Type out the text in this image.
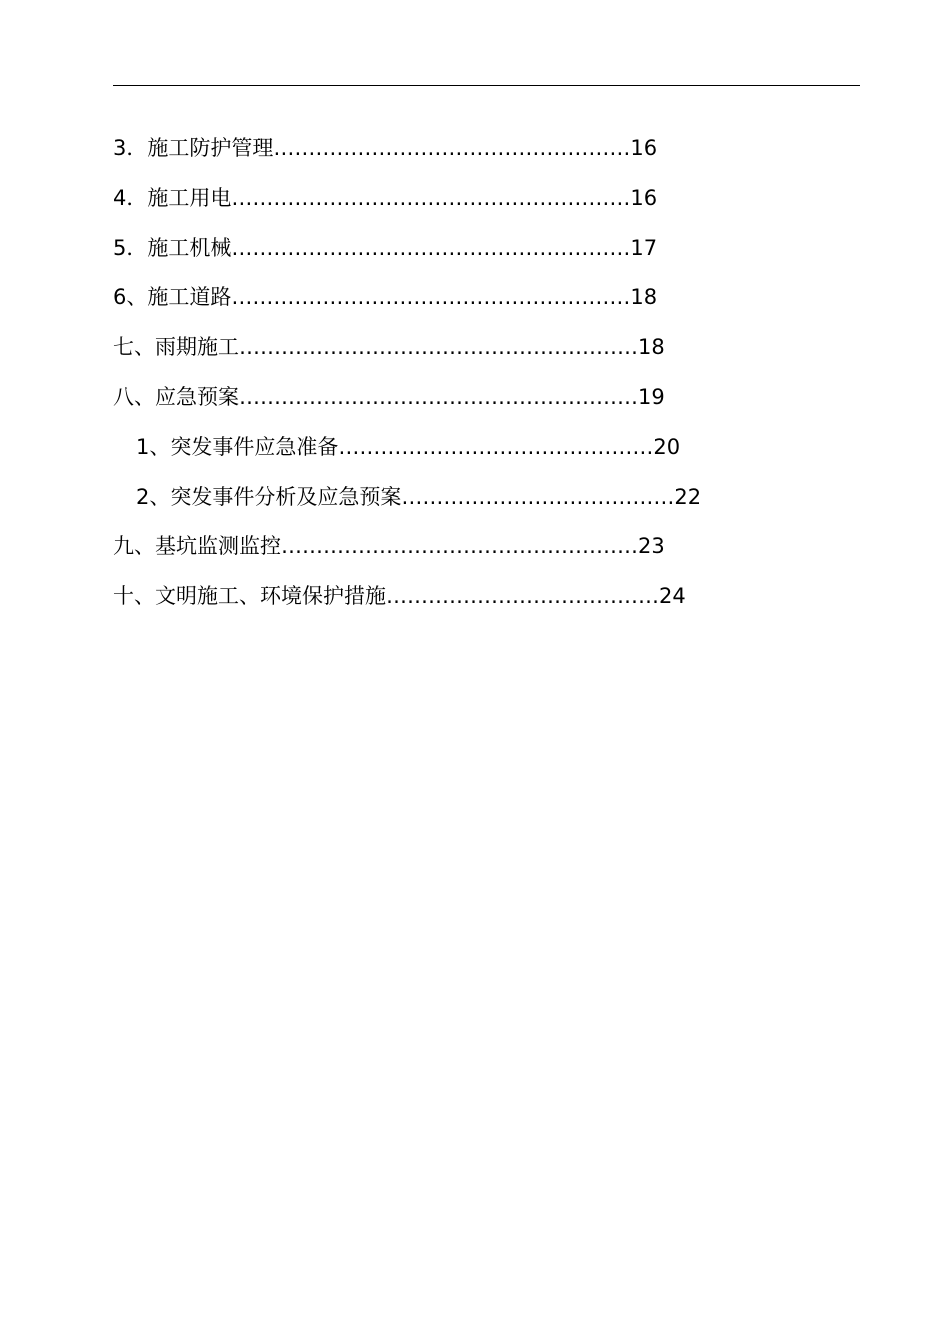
3．施工防护管理……………………………………………16
4．施工用电…………………………………………………16
5．施工机械…………………………………………………17
6、施工道路…………………………………………………18
七、雨期施工…………………………………………………18
八、应急预案…………………………………………………19
1、突发事件应急准备………………………………………20
2、突发事件分析及应急预案…………………………………22
九、基坑监测监控……………………………………………23
十、文明施工、环境保护措施…………………………………24
